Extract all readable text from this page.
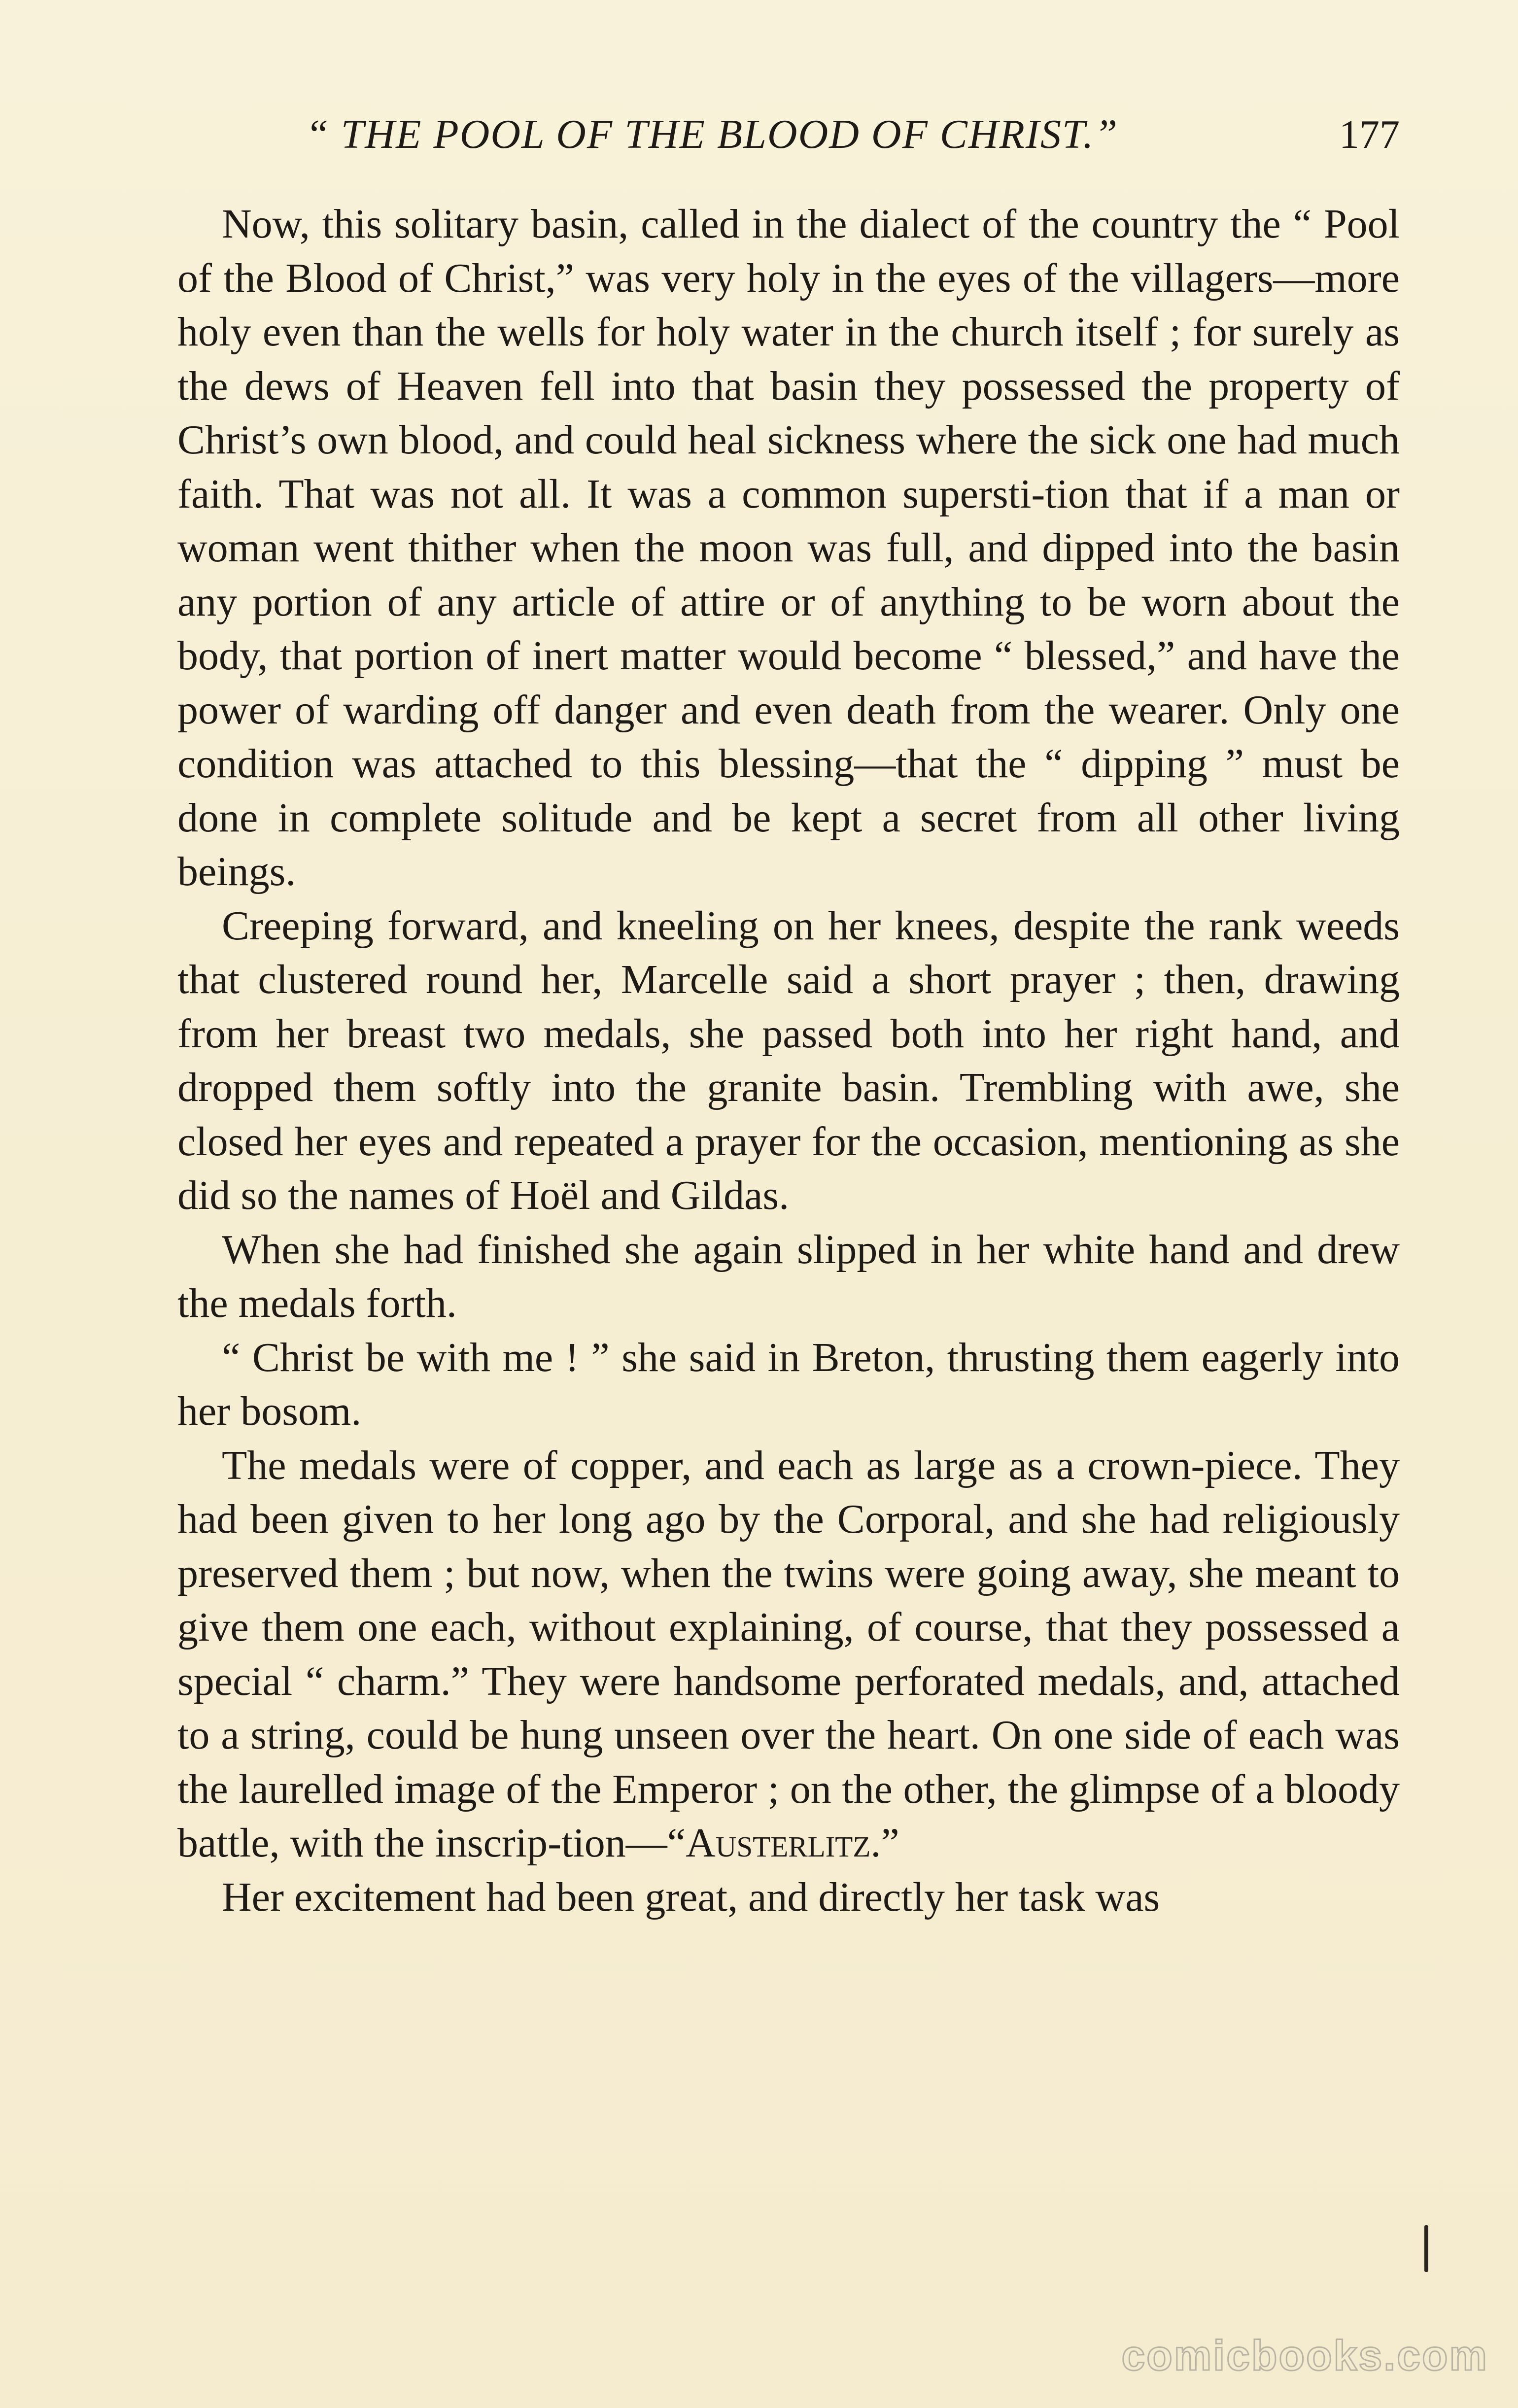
“ THE POOL OF THE BLOOD OF CHRIST.”	177

Now, this solitary basin, called in the dialect of the country the “ Pool of the Blood of Christ,” was very holy in the eyes of the villagers—more holy even than the wells for holy water in the church itself ; for surely as the dews of Heaven fell into that basin they possessed the property of Christ’s own blood, and could heal sickness where the sick one had much faith. That was not all. It was a common supersti-tion that if a man or woman went thither when the moon was full, and dipped into the basin any portion of any article of attire or of anything to be worn about the body, that portion of inert matter would become “ blessed,” and have the power of warding off danger and even death from the wearer. Only one condition was attached to this blessing—that the “ dipping ” must be done in complete solitude and be kept a secret from all other living beings.

Creeping forward, and kneeling on her knees, despite the rank weeds that clustered round her, Marcelle said a short prayer ; then, drawing from her breast two medals, she passed both into her right hand, and dropped them softly into the granite basin. Trembling with awe, she closed her eyes and repeated a prayer for the occasion, mentioning as she did so the names of Hoël and Gildas.

When she had finished she again slipped in her white hand and drew the medals forth.

“ Christ be with me ! ” she said in Breton, thrusting them eagerly into her bosom.

The medals were of copper, and each as large as a crown-piece. They had been given to her long ago by the Corporal, and she had religiously preserved them ; but now, when the twins were going away, she meant to give them one each, without explaining, of course, that they possessed a special “ charm.” They were handsome perforated medals, and, attached to a string, could be hung unseen over the heart. On one side of each was the laurelled image of the Emperor ; on the other, the glimpse of a bloody battle, with the inscrip-tion—“Austerlitz.”

Her excitement had been great, and directly her task was

comicbooks.com
